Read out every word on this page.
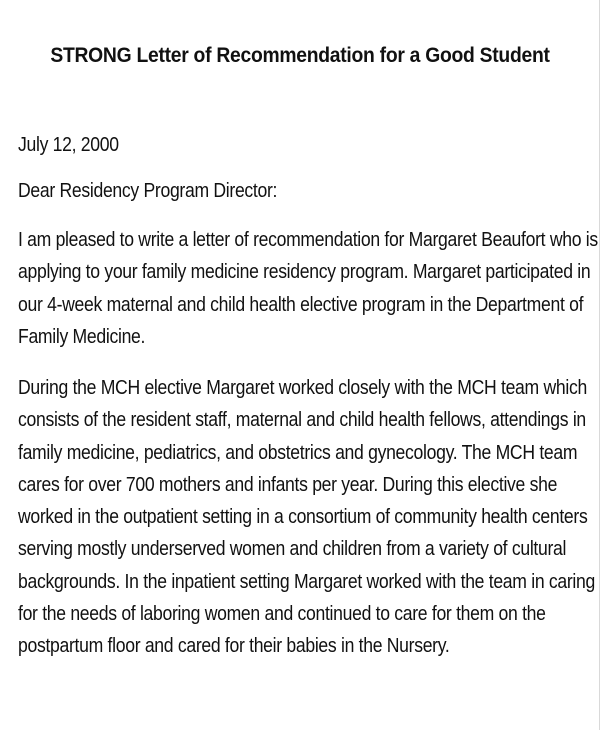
STRONG Letter of Recommendation for a Good Student
July 12, 2000
Dear Residency Program Director:
I am pleased to write a letter of recommendation for Margaret Beaufort who is
applying to your family medicine residency program. Margaret participated in
our 4-week maternal and child health elective program in the Department of
Family Medicine.
During the MCH elective Margaret worked closely with the MCH team which
consists of the resident staff, maternal and child health fellows, attendings in
family medicine, pediatrics, and obstetrics and gynecology. The MCH team
cares for over 700 mothers and infants per year. During this elective she
worked in the outpatient setting in a consortium of community health centers
serving mostly underserved women and children from a variety of cultural
backgrounds. In the inpatient setting Margaret worked with the team in caring
for the needs of laboring women and continued to care for them on the
postpartum floor and cared for their babies in the Nursery.
